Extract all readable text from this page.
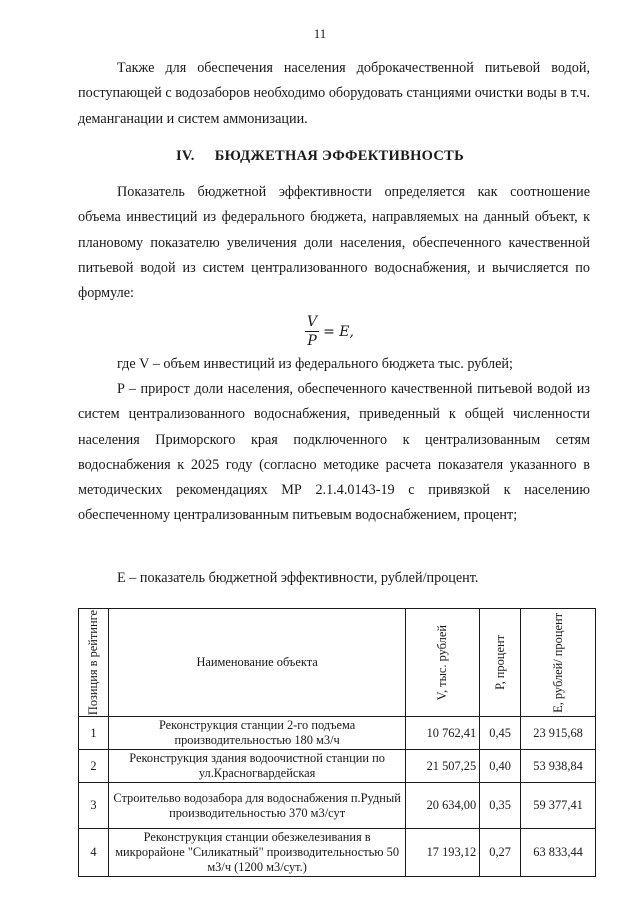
11

Также для обеспечения населения доброкачественной питьевой водой, поступающей с водозаборов необходимо оборудовать станциями очистки воды в т.ч. деманганации и систем аммонизации.

IV. БЮДЖЕТНАЯ ЭФФЕКТИВНОСТЬ

Показатель бюджетной эффективности определяется как соотношение объема инвестиций из федерального бюджета, направляемых на данный объект, к плановому показателю увеличения доли населения, обеспеченного качественной питьевой водой из систем централизованного водоснабжения, и вычисляется по формуле:

$\frac{V}{P} = E$,
где V – объем инвестиций из федерального бюджета тыс. рублей;

P – прирост доли населения, обеспеченного качественной питьевой водой из систем централизованного водоснабжения, приведенный к общей численности населения Приморского края подключенного к централизованным сетям водоснабжения к 2025 году (согласно методике расчета показателя указанного в методических рекомендациях МР 2.1.4.0143-19 с привязкой к населению обеспеченному централизованным питьевым водоснабжением, процент;

E – показатель бюджетной эффективности, рублей/процент.
Позиция в рейтинге	Наименование объекта	V, тыс. рублей	P, процент	E, рублей/ процент

1	Реконструкция станции 2-го подъема производительностью 180 м3/ч	10 762,41	0,45	23 915,68
2	Реконструкция здания водоочистной станции по ул.Красногвардейская	21 507,25	0,40	53 938,84
3	Строительво водозабора для водоснабжения п.Рудный производительностью 370 м3/сут	20 634,00	0,35	59 377,41
4	Реконструкция станции обезжелезивания в микрорайоне "Силикатный" производительностью 50 м3/ч (1200 м3/сут.)	17 193,12	0,27	63 833,44
